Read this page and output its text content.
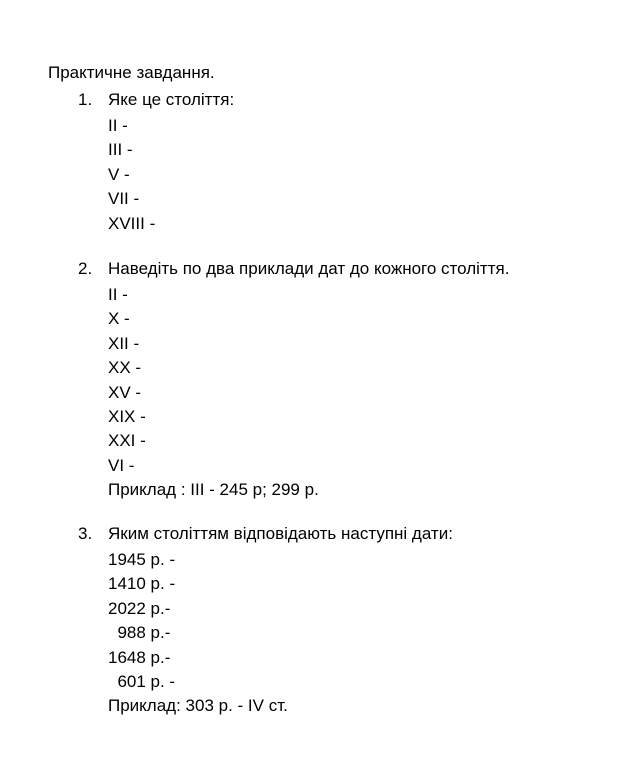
Практичне завдання.
1. Яке це століття:
II -
III -
V -
VII -
XVIII -
2. Наведіть по два приклади дат до кожного століття.
II -
X -
XII -
XX -
XV -
XIX -
XXI -
VI -
Приклад : III - 245 р; 299 р.
3. Яким століттям відповідають наступні дати:
1945 р. -
1410 р. -
2022 р.-
988 р.-
1648 р.-
601 р. -
Приклад: 303 р. - IV ст.
